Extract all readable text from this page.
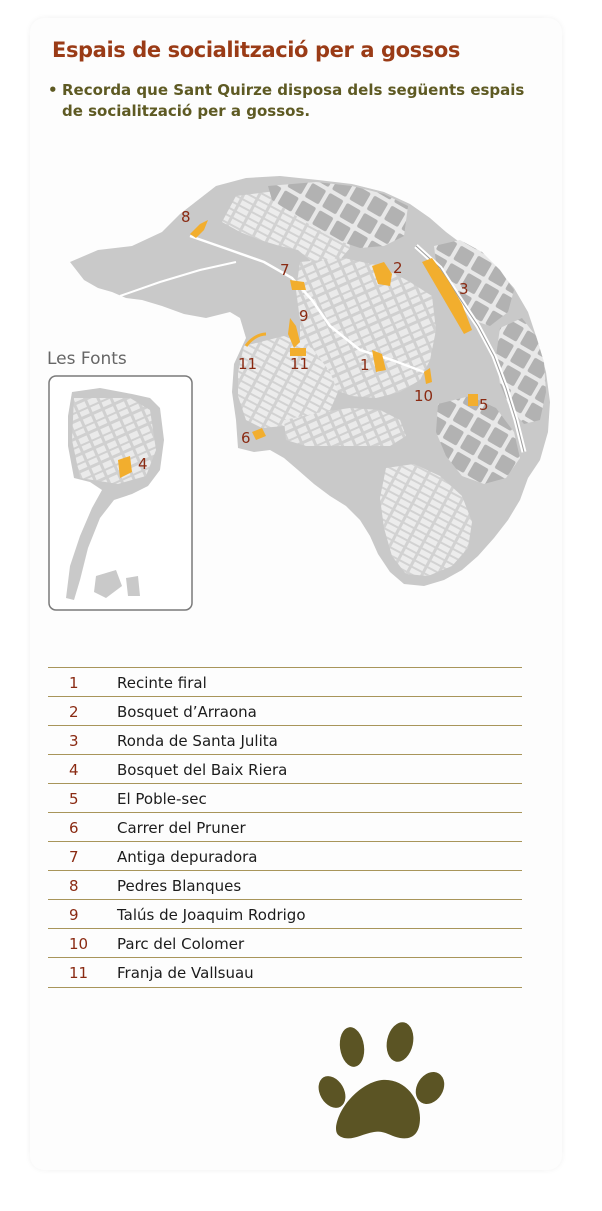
Espais de socialització per a gossos

• Recorda que Sant Quirze disposa dels següents espais de socialització per a gossos.

Les Fonts	1
2
3
4
5
6
7
8
9
10
11 11
1	Recinte firal
2	Bosquet d’Arraona
3	Ronda de Santa Julita
4	Bosquet del Baix Riera
5	El Poble-sec
6	Carrer del Pruner
7	Antiga depuradora
8	Pedres Blanques
9	Talús de Joaquim Rodrigo
10 Parc del Colomer
11 Franja de Vallsuau
